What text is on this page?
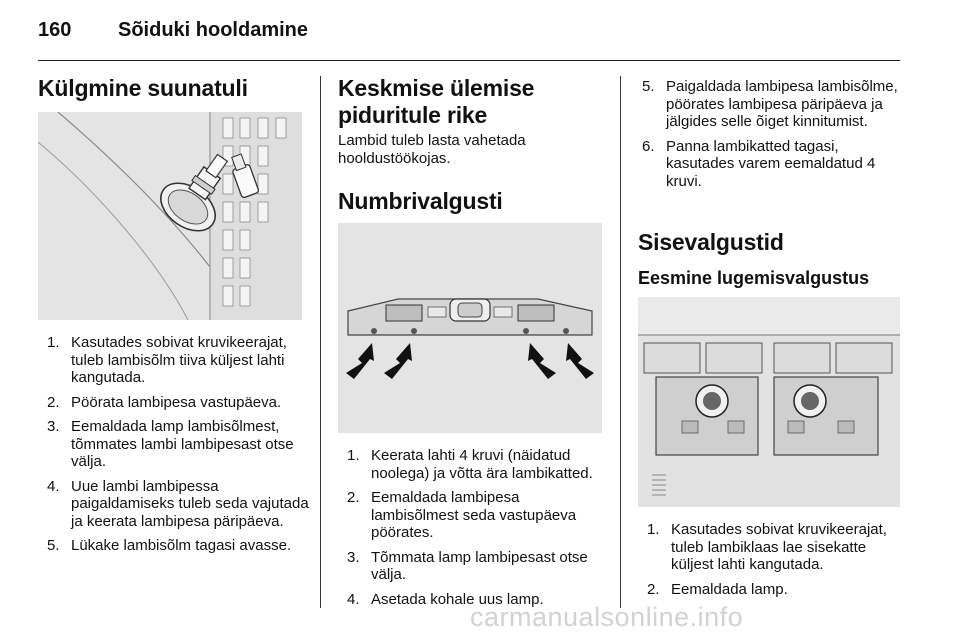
160 Sõiduki hooldamine
Külgmine suunatuli
1. Kasutades sobivat kruvikeerajat, tuleb lambisõlm tiiva küljest lahti kangutada.
2. Pöörata lambipesa vastupäeva.
3. Eemaldada lamp lambisõlmest, tõmmates lambi lambipesast otse välja.
4. Uue lambi lambipessa paigaldamiseks tuleb seda vajutada ja keerata lambipesa päripäeva.
5. Lükake lambisõlm tagasi avasse.
Keskmise ülemise
piduritule rike
Lambid tuleb lasta vahetada hooldustöökojas.
Numbrivalgusti
1. Keerata lahti 4 kruvi (näidatud noolega) ja võtta ära lambikatted.
2. Eemaldada lambipesa lambisõlmest seda vastupäeva pöörates.
3. Tõmmata lamp lambipesast otse välja.
4. Asetada kohale uus lamp.
5. Paigaldada lambipesa lambisõlme, pöörates lambipesa päripäeva ja jälgides selle õiget kinnitumist.
6. Panna lambikatted tagasi, kasutades varem eemaldatud 4 kruvi.
Sisevalgustid
Eesmine lugemisvalgustus
1. Kasutades sobivat kruvikeerajat, tuleb lambiklaas lae sisekatte küljest lahti kangutada.
2. Eemaldada lamp.
carmanualsonline.info
